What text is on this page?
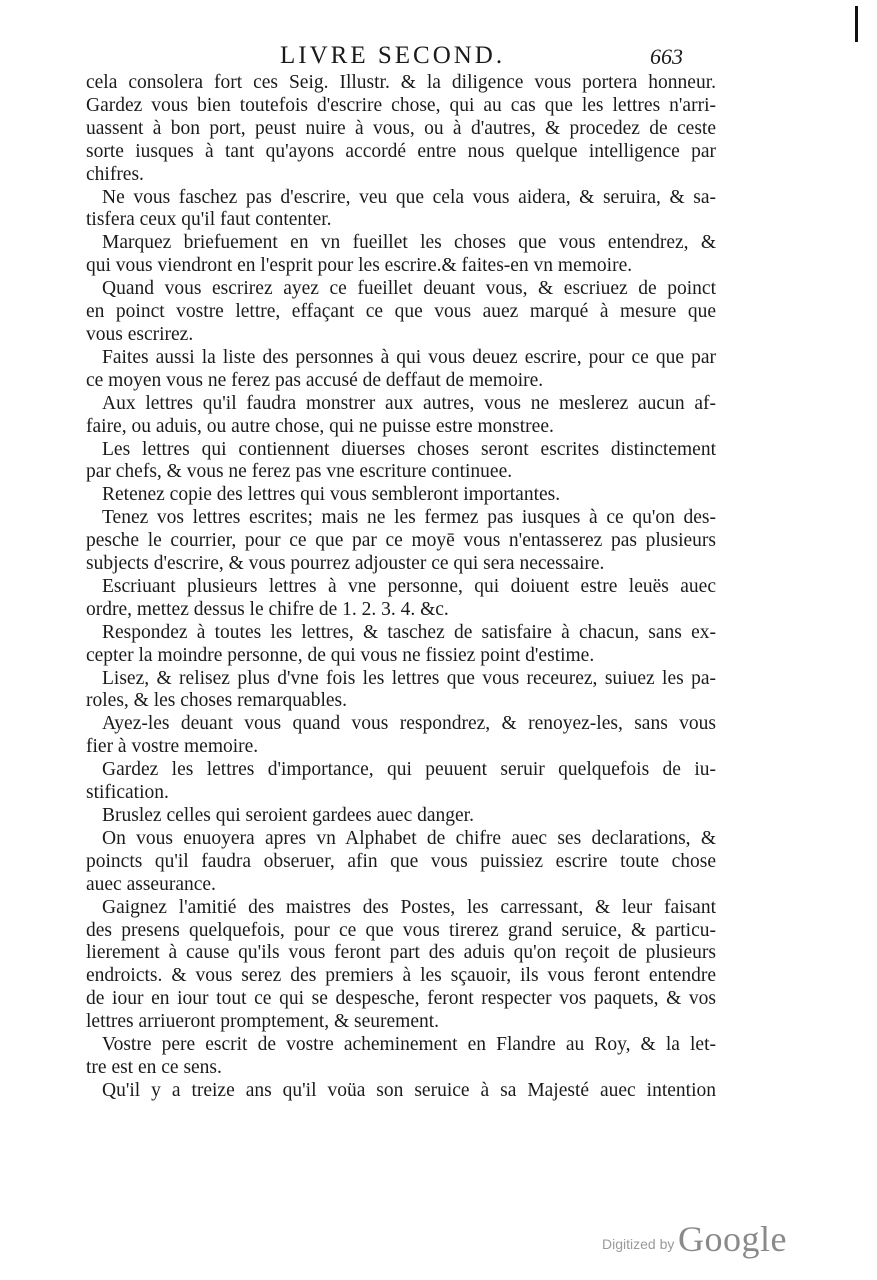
LIVRE SECOND.	663
cela consolera fort ces Seig. Illustr. & la diligence vous portera honneur.
Gardez vous bien toutefois d'escrire chose, qui au cas que les lettres n'arri-
uassent à bon port, peust nuire à vous, ou à d'autres, & procedez de ceste
sorte iusques à tant qu'ayons accordé entre nous quelque intelligence par
chifres.
Ne vous faschez pas d'escrire, veu que cela vous aidera, & seruira, & sa-
tisfera ceux qu'il faut contenter.
Marquez briefuement en vn fueillet les choses que vous entendrez, &
qui vous viendront en l'esprit pour les escrire.& faites-en vn memoire.
Quand vous escrirez ayez ce fueillet deuant vous, & escriuez de poinct
en poinct vostre lettre, effaçant ce que vous auez marqué à mesure que
vous escrirez.
Faites aussi la liste des personnes à qui vous deuez escrire, pour ce que par
ce moyen vous ne ferez pas accusé de deffaut de memoire.
Aux lettres qu'il faudra monstrer aux autres, vous ne meslerez aucun af-
faire, ou aduis, ou autre chose, qui ne puisse estre monstree.
Les lettres qui contiennent diuerses choses seront escrites distinctement
par chefs, & vous ne ferez pas vne escriture continuee.
Retenez copie des lettres qui vous sembleront importantes.
Tenez vos lettres escrites; mais ne les fermez pas iusques à ce qu'on des-
pesche le courrier, pour ce que par ce moyē vous n'entasserez pas plusieurs
subjects d'escrire, & vous pourrez adjouster ce qui sera necessaire.
Escriuant plusieurs lettres à vne personne, qui doiuent estre leuës auec
ordre, mettez dessus le chifre de 1. 2. 3. 4. &c.
Respondez à toutes les lettres, & taschez de satisfaire à chacun, sans ex-
cepter la moindre personne, de qui vous ne fissiez point d'estime.
Lisez, & relisez plus d'vne fois les lettres que vous receurez, suiuez les pa-
roles, & les choses remarquables.
Ayez-les deuant vous quand vous respondrez, & renoyez-les, sans vous
fier à vostre memoire.
Gardez les lettres d'importance, qui peuuent seruir quelquefois de iu-
stification.
Bruslez celles qui seroient gardees auec danger.
On vous enuoyera apres vn Alphabet de chifre auec ses declarations, &
poincts qu'il faudra obseruer, afin que vous puissiez escrire toute chose
auec asseurance.
Gaignez l'amitié des maistres des Postes, les carressant, & leur faisant
des presens quelquefois, pour ce que vous tirerez grand seruice, & particu-
lierement à cause qu'ils vous feront part des aduis qu'on reçoit de plusieurs
endroicts. & vous serez des premiers à les sçauoir, ils vous feront entendre
de iour en iour tout ce qui se despesche, feront respecter vos paquets, & vos
lettres arriueront promptement, & seurement.
Vostre pere escrit de vostre acheminement en Flandre au Roy, & la let-
tre est en ce sens.
Qu'il y a treize ans qu'il voüa son seruice à sa Majesté auec intention
Digitized by Google
